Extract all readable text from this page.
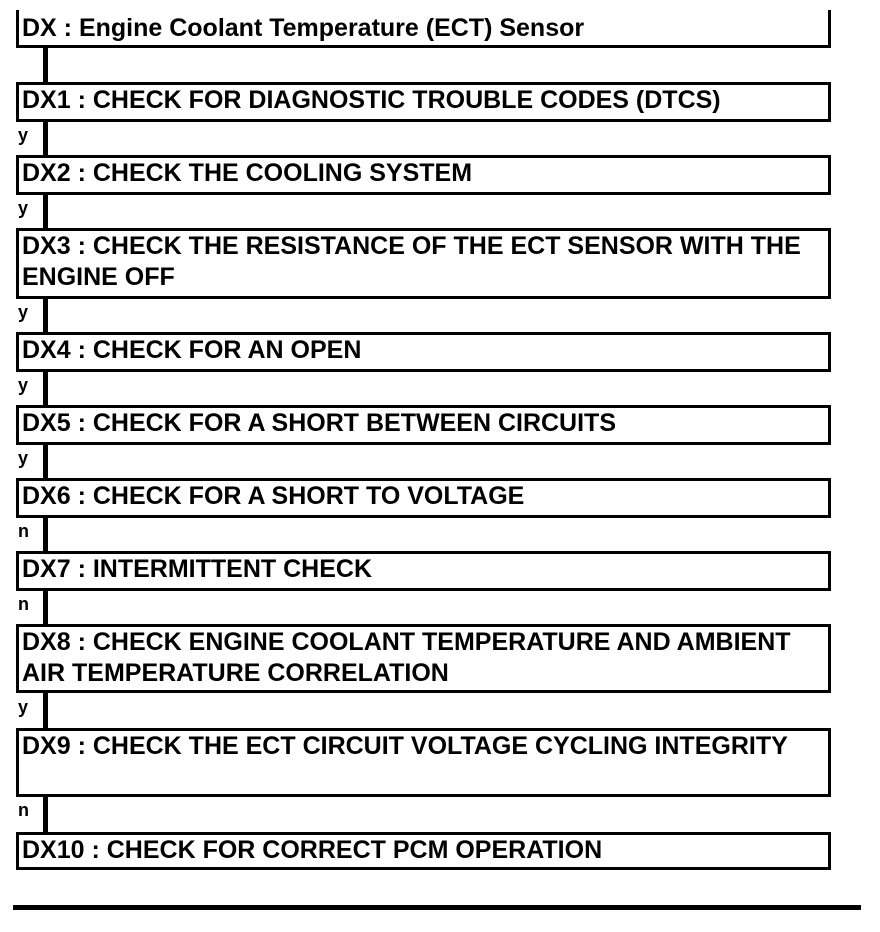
DX : Engine Coolant Temperature (ECT) Sensor
DX1 : CHECK FOR DIAGNOSTIC TROUBLE CODES (DTCS)
y
DX2 : CHECK THE COOLING SYSTEM
y
DX3 : CHECK THE RESISTANCE OF THE ECT SENSOR WITH THE ENGINE OFF
y
DX4 : CHECK FOR AN OPEN
y
DX5 : CHECK FOR A SHORT BETWEEN CIRCUITS
y
DX6 : CHECK FOR A SHORT TO VOLTAGE
n
DX7 : INTERMITTENT CHECK
n
DX8 : CHECK ENGINE COOLANT TEMPERATURE AND AMBIENT AIR TEMPERATURE CORRELATION
y
DX9 : CHECK THE ECT CIRCUIT VOLTAGE CYCLING INTEGRITY
n
DX10 : CHECK FOR CORRECT PCM OPERATION
